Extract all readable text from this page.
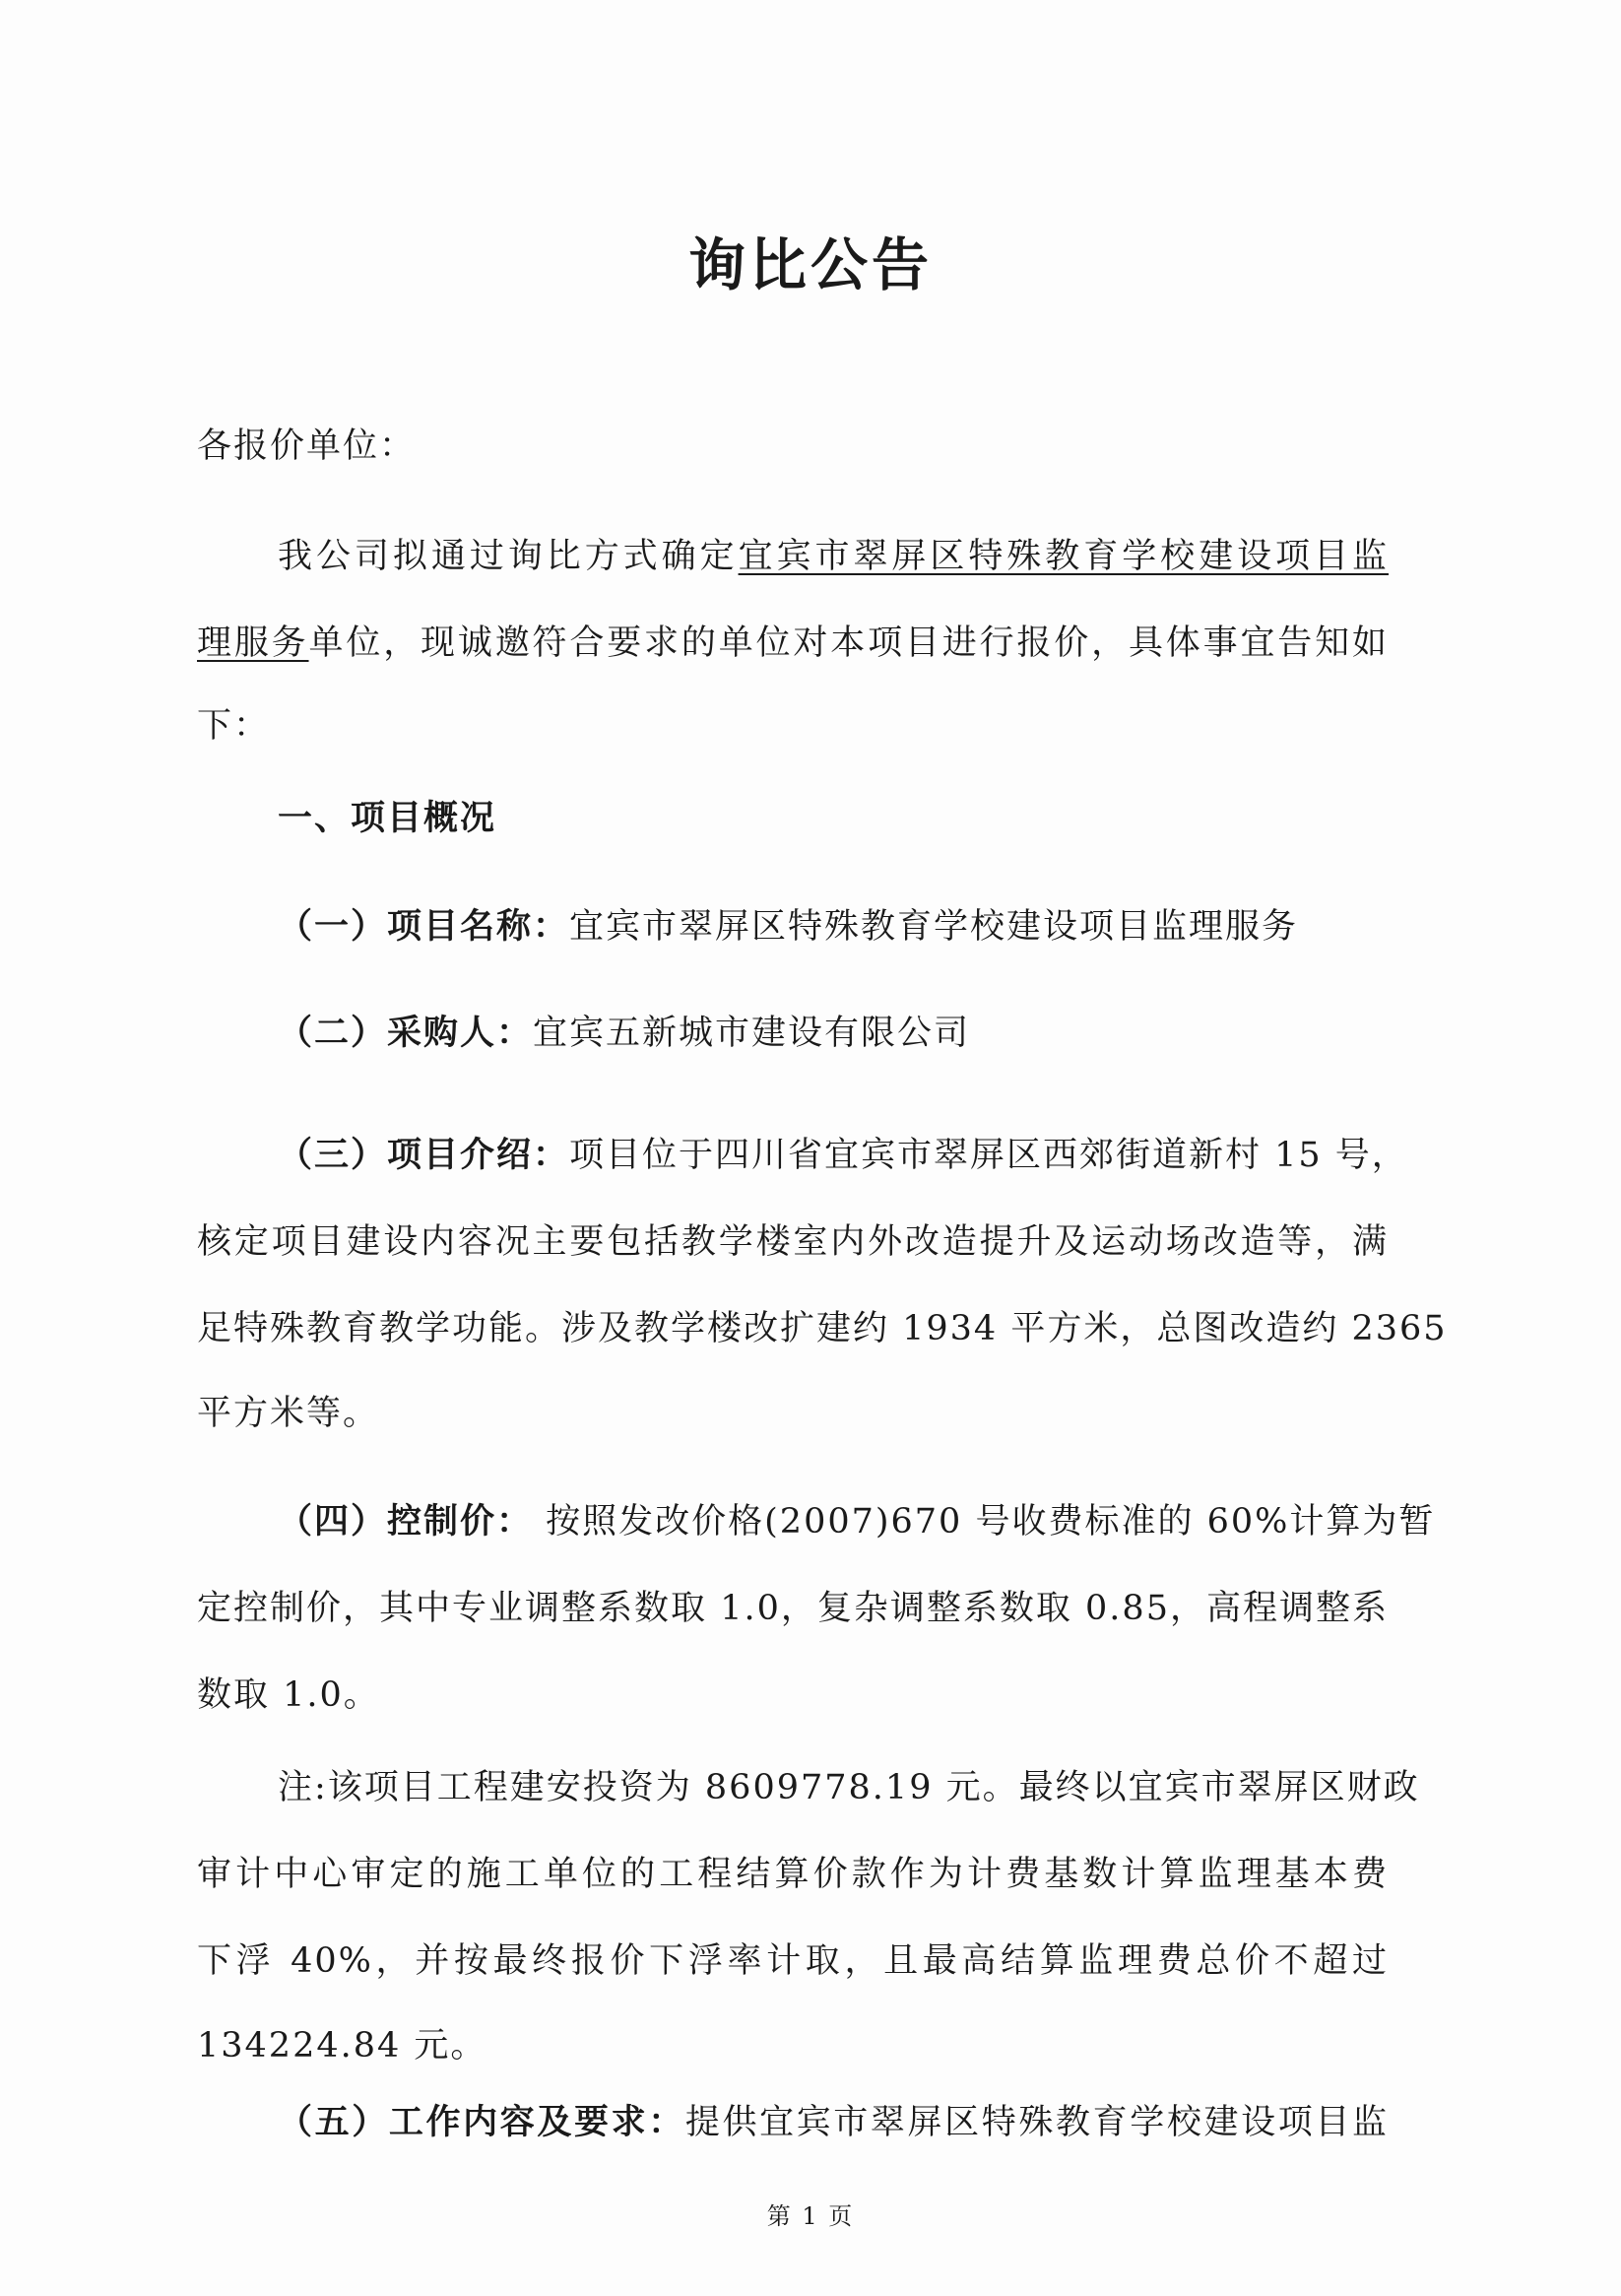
询比公告
各报价单位：
我公司拟通过询比方式确定宜宾市翠屏区特殊教育学校建设项目监
理服务单位，现诚邀符合要求的单位对本项目进行报价，具体事宜告知如
下：
一、项目概况
（一）项目名称：宜宾市翠屏区特殊教育学校建设项目监理服务
（二）采购人：宜宾五新城市建设有限公司
（三）项目介绍：项目位于四川省宜宾市翠屏区西郊街道新村 15 号，
核定项目建设内容况主要包括教学楼室内外改造提升及运动场改造等，满
足特殊教育教学功能。涉及教学楼改扩建约 1934 平方米，总图改造约 2365
平方米等。
（四）控制价： 按照发改价格(2007)670 号收费标准的 60%计算为暂
定控制价，其中专业调整系数取 1.0，复杂调整系数取 0.85，高程调整系
数取 1.0。
注:该项目工程建安投资为 8609778.19 元。最终以宜宾市翠屏区财政
审计中心审定的施工单位的工程结算价款作为计费基数计算监理基本费
下浮 40%，并按最终报价下浮率计取，且最高结算监理费总价不超过
134224.84 元。
（五）工作内容及要求：提供宜宾市翠屏区特殊教育学校建设项目监
第 1 页
